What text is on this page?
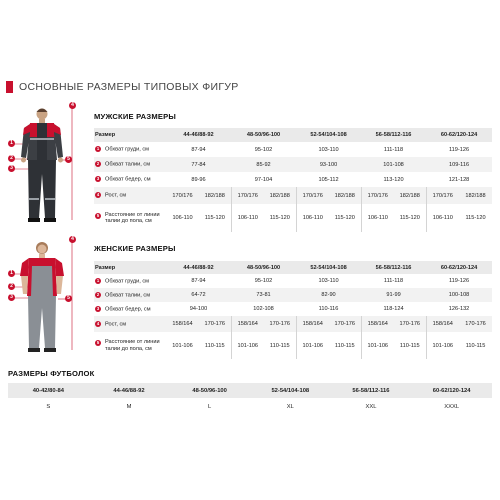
ОСНОВНЫЕ РАЗМЕРЫ ТИПОВЫХ ФИГУР
1
2
3
4
5
МУЖСКИЕ РАЗМЕРЫ
Размер	44-46/88-92		48-50/96-100		52-54/104-108		56-58/112-116		60-62/120-124	
1 Обхват груди, см	87-94		95-102		103-110		111-118		119-126	
2 Обхват талии, см	77-84		85-92		93-100		101-108		109-116	
3 Обхват бедер, см	89-96		97-104		105-112		113-120		121-128	
4 Рост, см	170/176	182/188	170/176	182/188	170/176	182/188	170/176	182/188	170/176	182/188

5 Расстояние от линии талии до пола, см	106-110	115-120	106-110	115-120	106-110	115-120	106-110	115-120	106-110	115-120
1
2
3
4
5
ЖЕНСКИЕ РАЗМЕРЫ
Размер	44-46/88-92		48-50/96-100		52-54/104-108		56-58/112-116		60-62/120-124	
1 Обхват груди, см	87-94		95-102		103-110		111-118		119-126	
2 Обхват талии, см	64-72		73-81		82-90		91-99		100-108	
3 Обхват бедер, см	94-100		102-108		110-116		118-124		126-132	
4 Рост, см	158/164	170-176	158/164	170-176	158/164	170-176	158/164	170-176	158/164	170-176

5 Расстояние от линии талии до пола, см	101-106	110-115	101-106	110-115	101-106	110-115	101-106	110-115	101-106	110-115
РАЗМЕРЫ ФУТБОЛОК
40-42/80-84	44-46/88-92	48-50/96-100	52-54/104-108	56-58/112-116	60-62/120-124
S	M	L	XL	XXL	XXXL
